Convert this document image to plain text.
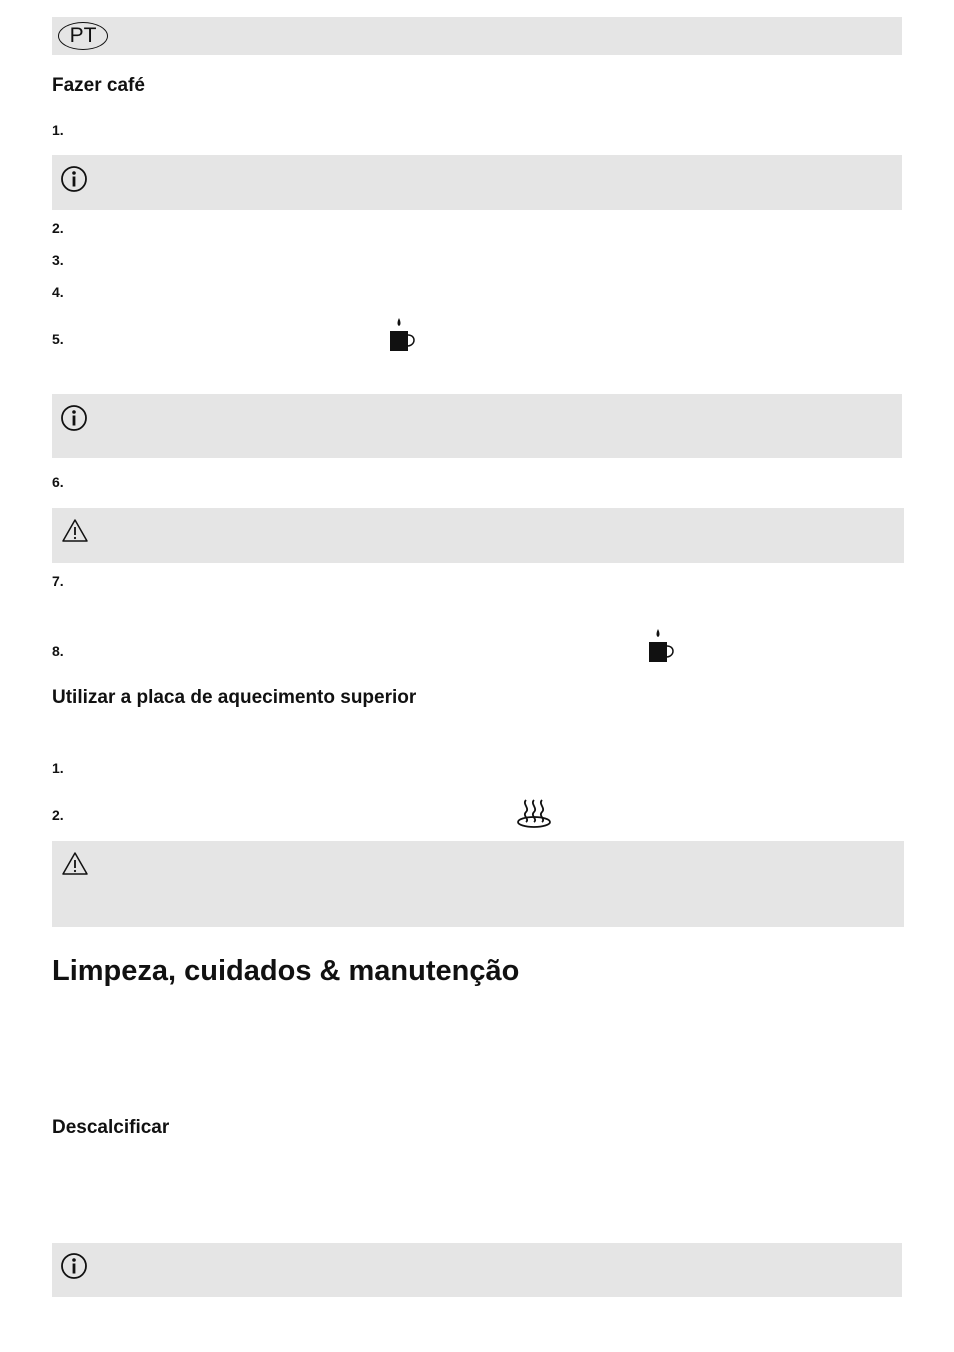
PT
Fazer café
1.
2.
3.
4.
5.
6.
7.
8.
Utilizar a placa de aquecimento superior
1.
2.
Limpeza, cuidados & manutenção
Descalcificar
